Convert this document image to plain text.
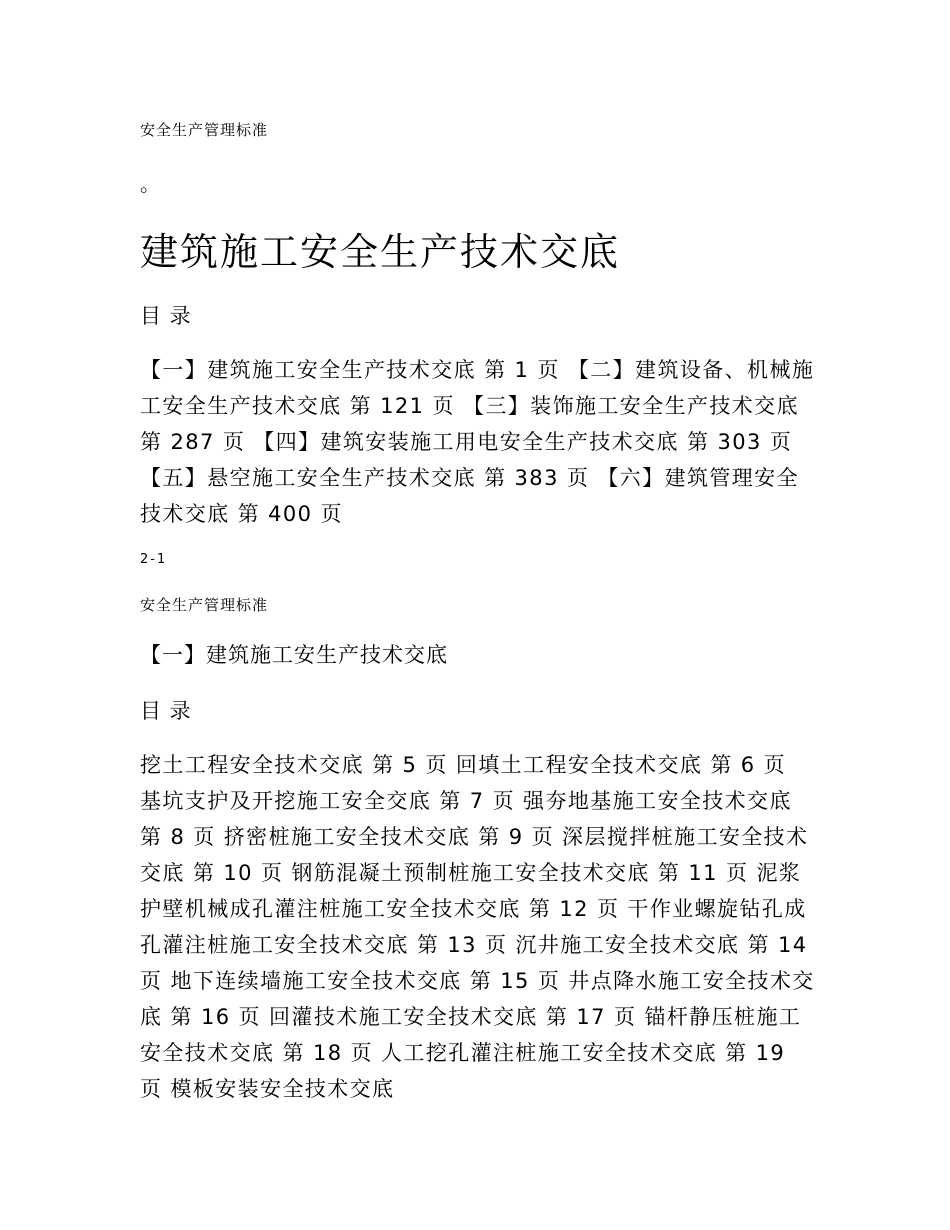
安全生产管理标准
。
建筑施工安全生产技术交底
目 录

【一】建筑施工安全生产技术交底 第 1 页 【二】建筑设备、机械施工安全生产技术交底 第 121 页 【三】装饰施工安全生产技术交底 第 287 页 【四】建筑安装施工用电安全生产技术交底 第 303 页 【五】悬空施工安全生产技术交底 第 383 页 【六】建筑管理安全技术交底 第 400 页

2-1
安全生产管理标准
【一】建筑施工安生产技术交底
目 录

挖土工程安全技术交底 第 5 页 回填土工程安全技术交底 第 6 页 基坑支护及开挖施工安全交底 第 7 页 强夯地基施工安全技术交底 第 8 页 挤密桩施工安全技术交底 第 9 页 深层搅拌桩施工安全技术交底 第 10 页 钢筋混凝土预制桩施工安全技术交底 第 11 页 泥浆护壁机械成孔灌注桩施工安全技术交底 第 12 页 干作业螺旋钻孔成孔灌注桩施工安全技术交底 第 13 页 沉井施工安全技术交底 第 14 页 地下连续墙施工安全技术交底 第 15 页 井点降水施工安全技术交底 第 16 页 回灌技术施工安全技术交底 第 17 页 锚杆静压桩施工安全技术交底 第 18 页 人工挖孔灌注桩施工安全技术交底 第 19 页 模板安装安全技术交底
